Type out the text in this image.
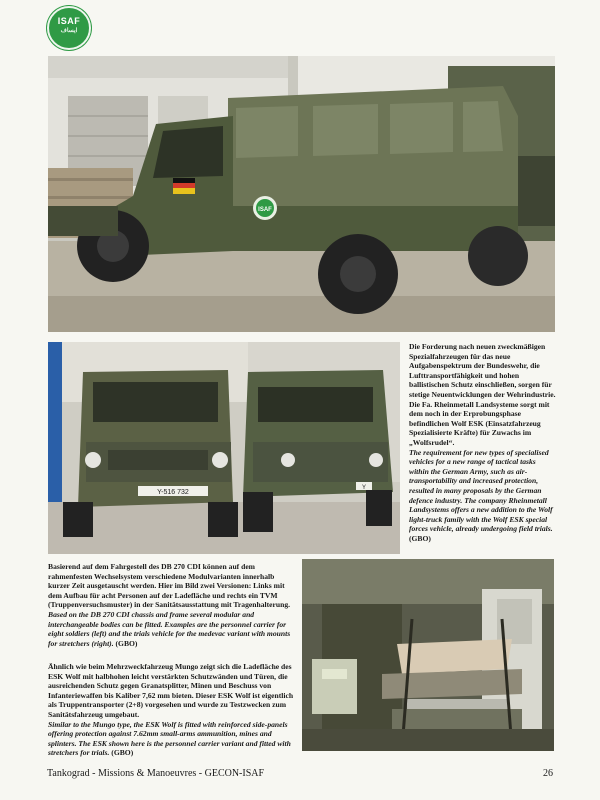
ISAF
ایساف
ISAF
Y-516 732
Y

Die Forderung nach neuen zweckmäßigen Spezialfahrzeugen für das neue Aufgabenspektrum der Bundeswehr, die Lufttransportfähigkeit und hohen ballistischen Schutz einschließen, sorgen für stetige Neuentwicklungen der Wehrindustrie. Die Fa. Rheinmetall Landsysteme sorgt mit dem noch in der Erprobungsphase befindlichen Wolf ESK (Einsatzfahrzeug Spezialisierte Kräfte) für Zuwachs im „Wolfsrudel“.

The requirement for new types of specialised vehicles for a new range of tactical tasks within the German Army, such as air-transportability and increased protection, resulted in many proposals by the German defence industry. The company Rheinmetall Landsystems offers a new addition to the Wolf light-truck family with the Wolf ESK special forces vehicle, already undergoing field trials.

(GBO)

Basierend auf dem Fahrgestell des DB 270 CDI können auf dem rahmenfesten Wechselsystem verschiedene Modulvarianten innerhalb kurzer Zeit ausgetauscht werden. Hier im Bild zwei Versionen: Links mit dem Aufbau für acht Personen auf der Ladefläche und rechts ein TVM (Truppenversuchsmuster) in der Sanitätsausstattung mit Tragenhalterung.

Based on the DB 270 CDI chassis and frame several modular and interchangeable bodies can be fitted. Examples are the personnel carrier for eight soldiers (left) and the trials vehicle for the medevac variant with mounts for stretchers (right). (GBO)

Ähnlich wie beim Mehrzweckfahrzeug Mungo zeigt sich die Ladefläche des ESK Wolf mit halbhohen leicht verstärkten Schutzwänden und Türen, die ausreichenden Schutz gegen Granatsplitter, Minen und Beschuss von Infanteriewaffen bis Kaliber 7,62 mm bieten. Dieser ESK Wolf ist eigentlich als Truppentransporter (2+8) vorgesehen und wurde zu Testzwecken zum Sanitätsfahrzeug umgebaut.

Similar to the Mungo type, the ESK Wolf is fitted with reinforced side-panels offering protection against 7.62mm small-arms ammunition, mines and splinters. The ESK shown here is the personnel carrier variant and fitted with stretchers for trials. (GBO)

Tankograd - Missions & Manoeuvres - GECON-ISAF	26
